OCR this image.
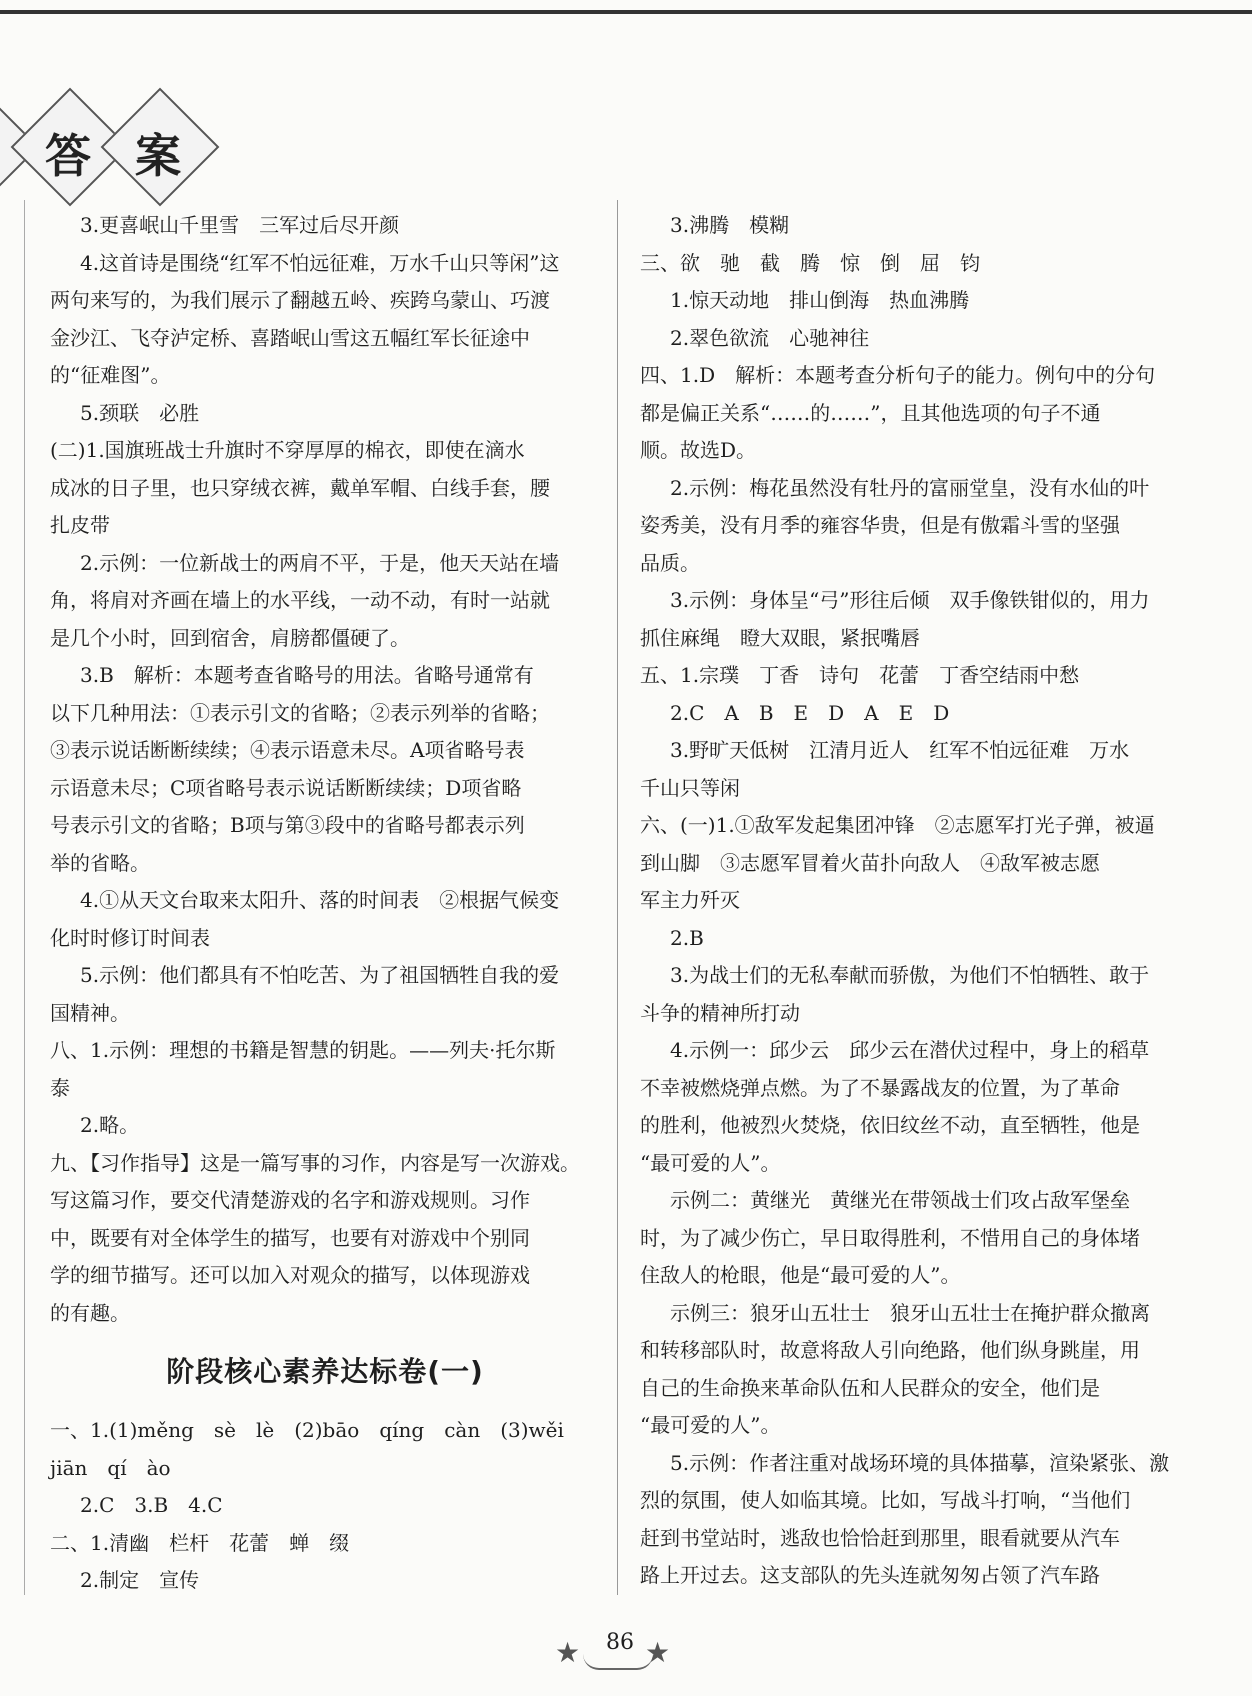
答 案
3.更喜岷山千里雪　三军过后尽开颜
4.这首诗是围绕“红军不怕远征难，万水千山只等闲”这
两句来写的，为我们展示了翻越五岭、疾跨乌蒙山、巧渡
金沙江、飞夺泸定桥、喜踏岷山雪这五幅红军长征途中
的“征难图”。
5.颈联　必胜
(二)1.国旗班战士升旗时不穿厚厚的棉衣，即使在滴水
成冰的日子里，也只穿绒衣裤，戴单军帽、白线手套，腰
扎皮带
2.示例：一位新战士的两肩不平，于是，他天天站在墙
角，将肩对齐画在墙上的水平线，一动不动，有时一站就
是几个小时，回到宿舍，肩膀都僵硬了。
3.B　解析：本题考查省略号的用法。省略号通常有
以下几种用法：①表示引文的省略；②表示列举的省略；
③表示说话断断续续；④表示语意未尽。A项省略号表
示语意未尽；C项省略号表示说话断断续续；D项省略
号表示引文的省略；B项与第③段中的省略号都表示列
举的省略。
4.①从天文台取来太阳升、落的时间表　②根据气候变
化时时修订时间表
5.示例：他们都具有不怕吃苦、为了祖国牺牲自我的爱
国精神。
八、1.示例：理想的书籍是智慧的钥匙。——列夫·托尔斯
泰
2.略。
九、【习作指导】这是一篇写事的习作，内容是写一次游戏。
写这篇习作，要交代清楚游戏的名字和游戏规则。习作
中，既要有对全体学生的描写，也要有对游戏中个别同
学的细节描写。还可以加入对观众的描写，以体现游戏
的有趣。
阶段核心素养达标卷(一)
一、1.(1)měng　sè　lè　(2)bāo　qíng　càn　(3)wěi
jiān　qí　ào
2.C　3.B　4.C
二、1.清幽　栏杆　花蕾　蝉　缀
2.制定　宣传
3.沸腾　模糊
三、欲　驰　截　腾　惊　倒　屈　钧
1.惊天动地　排山倒海　热血沸腾
2.翠色欲流　心驰神往
四、1.D　解析：本题考查分析句子的能力。例句中的分句
都是偏正关系“……的……”，且其他选项的句子不通
顺。故选D。
2.示例：梅花虽然没有牡丹的富丽堂皇，没有水仙的叶
姿秀美，没有月季的雍容华贵，但是有傲霜斗雪的坚强
品质。
3.示例：身体呈“弓”形往后倾　双手像铁钳似的，用力
抓住麻绳　瞪大双眼，紧抿嘴唇
五、1.宗璞　丁香　诗句　花蕾　丁香空结雨中愁
2.C　A　B　E　D　A　E　D
3.野旷天低树　江清月近人　红军不怕远征难　万水
千山只等闲
六、(一)1.①敌军发起集团冲锋　②志愿军打光子弹，被逼
到山脚　③志愿军冒着火苗扑向敌人　④敌军被志愿
军主力歼灭
2.B
3.为战士们的无私奉献而骄傲，为他们不怕牺牲、敢于
斗争的精神所打动
4.示例一：邱少云　邱少云在潜伏过程中，身上的稻草
不幸被燃烧弹点燃。为了不暴露战友的位置，为了革命
的胜利，他被烈火焚烧，依旧纹丝不动，直至牺牲，他是
“最可爱的人”。
示例二：黄继光　黄继光在带领战士们攻占敌军堡垒
时，为了减少伤亡，早日取得胜利，不惜用自己的身体堵
住敌人的枪眼，他是“最可爱的人”。
示例三：狼牙山五壮士　狼牙山五壮士在掩护群众撤离
和转移部队时，故意将敌人引向绝路，他们纵身跳崖，用
自己的生命换来革命队伍和人民群众的安全，他们是
“最可爱的人”。
5.示例：作者注重对战场环境的具体描摹，渲染紧张、激
烈的氛围，使人如临其境。比如，写战斗打响，“当他们
赶到书堂站时，逃敌也恰恰赶到那里，眼看就要从汽车
路上开过去。这支部队的先头连就匆匆占领了汽车路
★	86 ★
